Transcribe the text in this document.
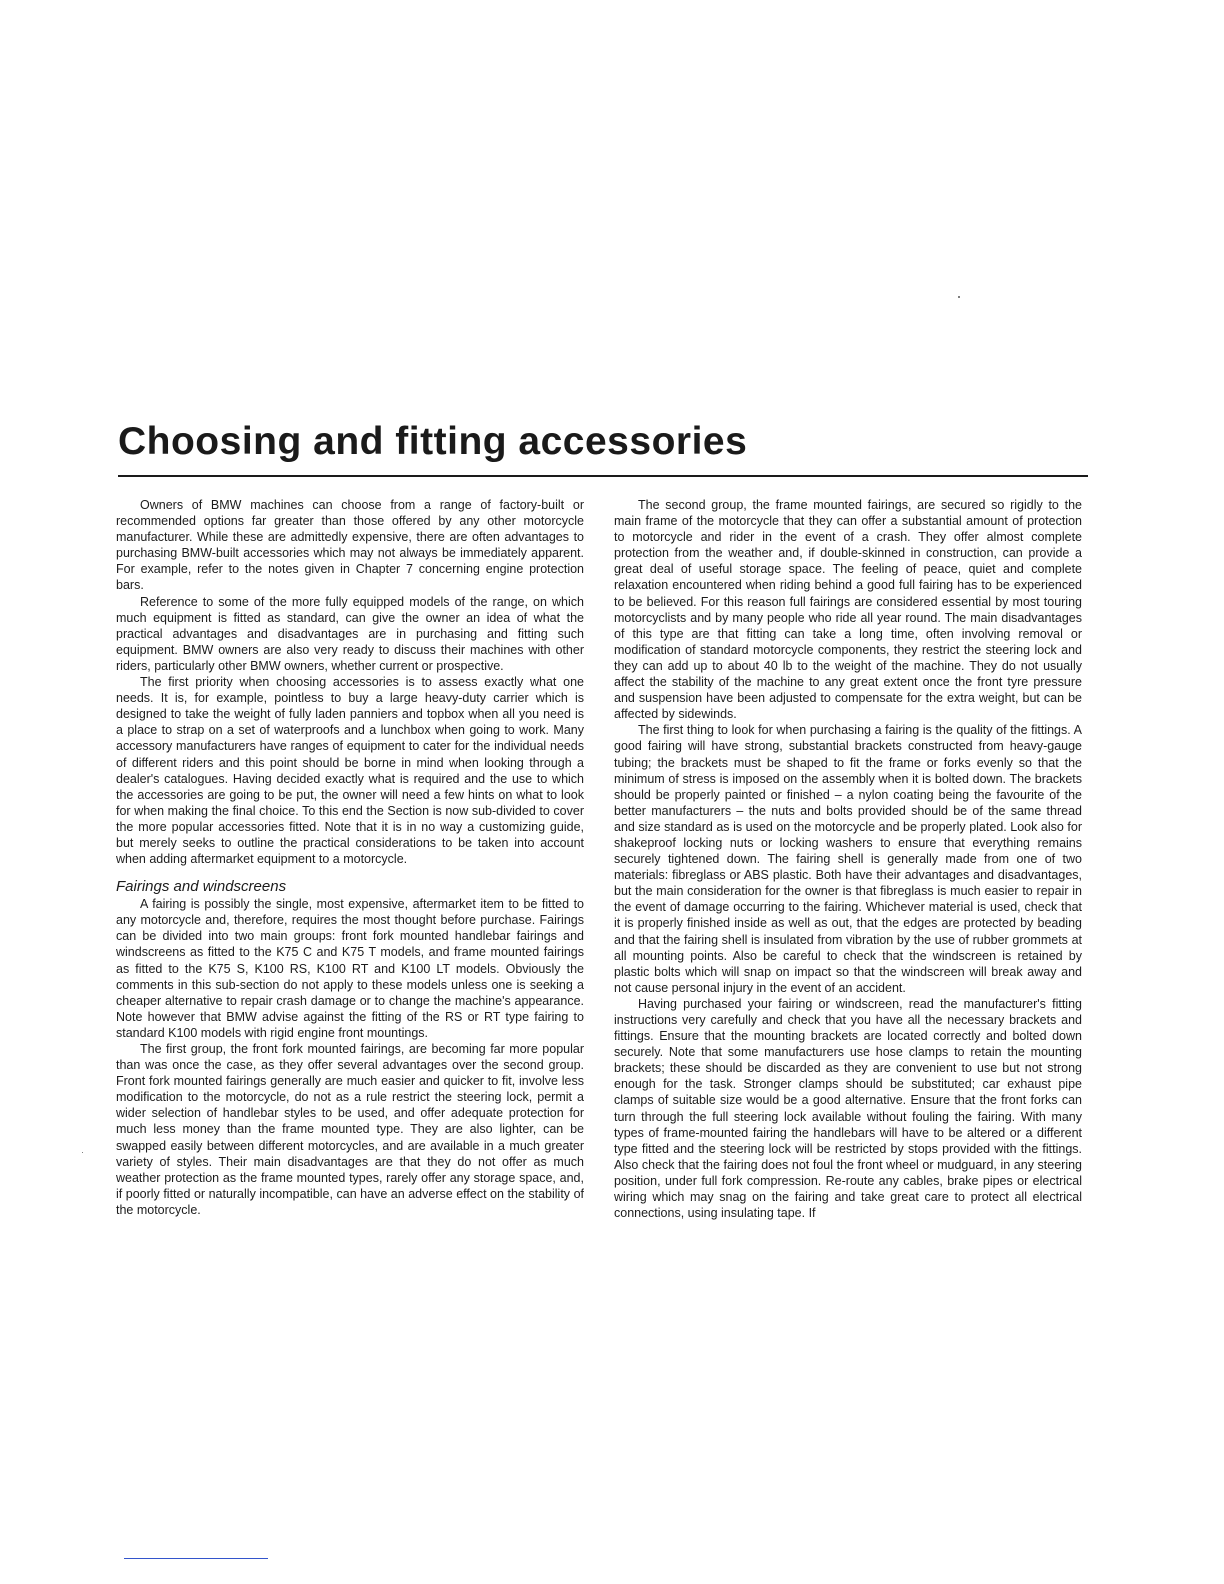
Choosing and fitting accessories

Owners of BMW machines can choose from a range of factory-built or recommended options far greater than those offered by any other motorcycle manufacturer. While these are admittedly expensive, there are often advantages to purchasing BMW-built accessories which may not always be immediately apparent. For example, refer to the notes given in Chapter 7 concerning engine protection bars.

Reference to some of the more fully equipped models of the range, on which much equipment is fitted as standard, can give the owner an idea of what the practical advantages and disadvantages are in purchasing and fitting such equipment. BMW owners are also very ready to discuss their machines with other riders, particularly other BMW owners, whether current or prospective.

The first priority when choosing accessories is to assess exactly what one needs. It is, for example, pointless to buy a large heavy-duty carrier which is designed to take the weight of fully laden panniers and topbox when all you need is a place to strap on a set of waterproofs and a lunchbox when going to work. Many accessory manufacturers have ranges of equipment to cater for the individual needs of different riders and this point should be borne in mind when looking through a dealer's catalogues. Having decided exactly what is required and the use to which the accessories are going to be put, the owner will need a few hints on what to look for when making the final choice. To this end the Section is now sub-divided to cover the more popular accessories fitted. Note that it is in no way a customizing guide, but merely seeks to outline the practical considerations to be taken into account when adding aftermarket equipment to a motorcycle.

Fairings and windscreens

A fairing is possibly the single, most expensive, aftermarket item to be fitted to any motorcycle and, therefore, requires the most thought before purchase. Fairings can be divided into two main groups: front fork mounted handlebar fairings and windscreens as fitted to the K75 C and K75 T models, and frame mounted fairings as fitted to the K75 S, K100 RS, K100 RT and K100 LT models. Obviously the comments in this sub-section do not apply to these models unless one is seeking a cheaper alternative to repair crash damage or to change the machine's appearance. Note however that BMW advise against the fitting of the RS or RT type fairing to standard K100 models with rigid engine front mountings.

The first group, the front fork mounted fairings, are becoming far more popular than was once the case, as they offer several advantages over the second group. Front fork mounted fairings generally are much easier and quicker to fit, involve less modification to the motorcycle, do not as a rule restrict the steering lock, permit a wider selection of handlebar styles to be used, and offer adequate protection for much less money than the frame mounted type. They are also lighter, can be swapped easily between different motorcycles, and are available in a much greater variety of styles. Their main disadvantages are that they do not offer as much weather protection as the frame mounted types, rarely offer any storage space, and, if poorly fitted or naturally incompatible, can have an adverse effect on the stability of the motorcycle.

The second group, the frame mounted fairings, are secured so rigidly to the main frame of the motorcycle that they can offer a substantial amount of protection to motorcycle and rider in the event of a crash. They offer almost complete protection from the weather and, if double-skinned in construction, can provide a great deal of useful storage space. The feeling of peace, quiet and complete relaxation encountered when riding behind a good full fairing has to be experienced to be believed. For this reason full fairings are considered essential by most touring motorcyclists and by many people who ride all year round. The main disadvantages of this type are that fitting can take a long time, often involving removal or modification of standard motorcycle components, they restrict the steering lock and they can add up to about 40 lb to the weight of the machine. They do not usually affect the stability of the machine to any great extent once the front tyre pressure and suspension have been adjusted to compensate for the extra weight, but can be affected by sidewinds.

The first thing to look for when purchasing a fairing is the quality of the fittings. A good fairing will have strong, substantial brackets constructed from heavy-gauge tubing; the brackets must be shaped to fit the frame or forks evenly so that the minimum of stress is imposed on the assembly when it is bolted down. The brackets should be properly painted or finished – a nylon coating being the favourite of the better manufacturers – the nuts and bolts provided should be of the same thread and size standard as is used on the motorcycle and be properly plated. Look also for shakeproof locking nuts or locking washers to ensure that everything remains securely tightened down. The fairing shell is generally made from one of two materials: fibreglass or ABS plastic. Both have their advantages and disadvantages, but the main consideration for the owner is that fibreglass is much easier to repair in the event of damage occurring to the fairing. Whichever material is used, check that it is properly finished inside as well as out, that the edges are protected by beading and that the fairing shell is insulated from vibration by the use of rubber grommets at all mounting points. Also be careful to check that the windscreen is retained by plastic bolts which will snap on impact so that the windscreen will break away and not cause personal injury in the event of an accident.

Having purchased your fairing or windscreen, read the manufacturer's fitting instructions very carefully and check that you have all the necessary brackets and fittings. Ensure that the mounting brackets are located correctly and bolted down securely. Note that some manufacturers use hose clamps to retain the mounting brackets; these should be discarded as they are convenient to use but not strong enough for the task. Stronger clamps should be substituted; car exhaust pipe clamps of suitable size would be a good alternative. Ensure that the front forks can turn through the full steering lock available without fouling the fairing. With many types of frame-mounted fairing the handlebars will have to be altered or a different type fitted and the steering lock will be restricted by stops provided with the fittings. Also check that the fairing does not foul the front wheel or mudguard, in any steering position, under full fork compression. Re-route any cables, brake pipes or electrical wiring which may snag on the fairing and take great care to protect all electrical connections, using insulating tape. If
